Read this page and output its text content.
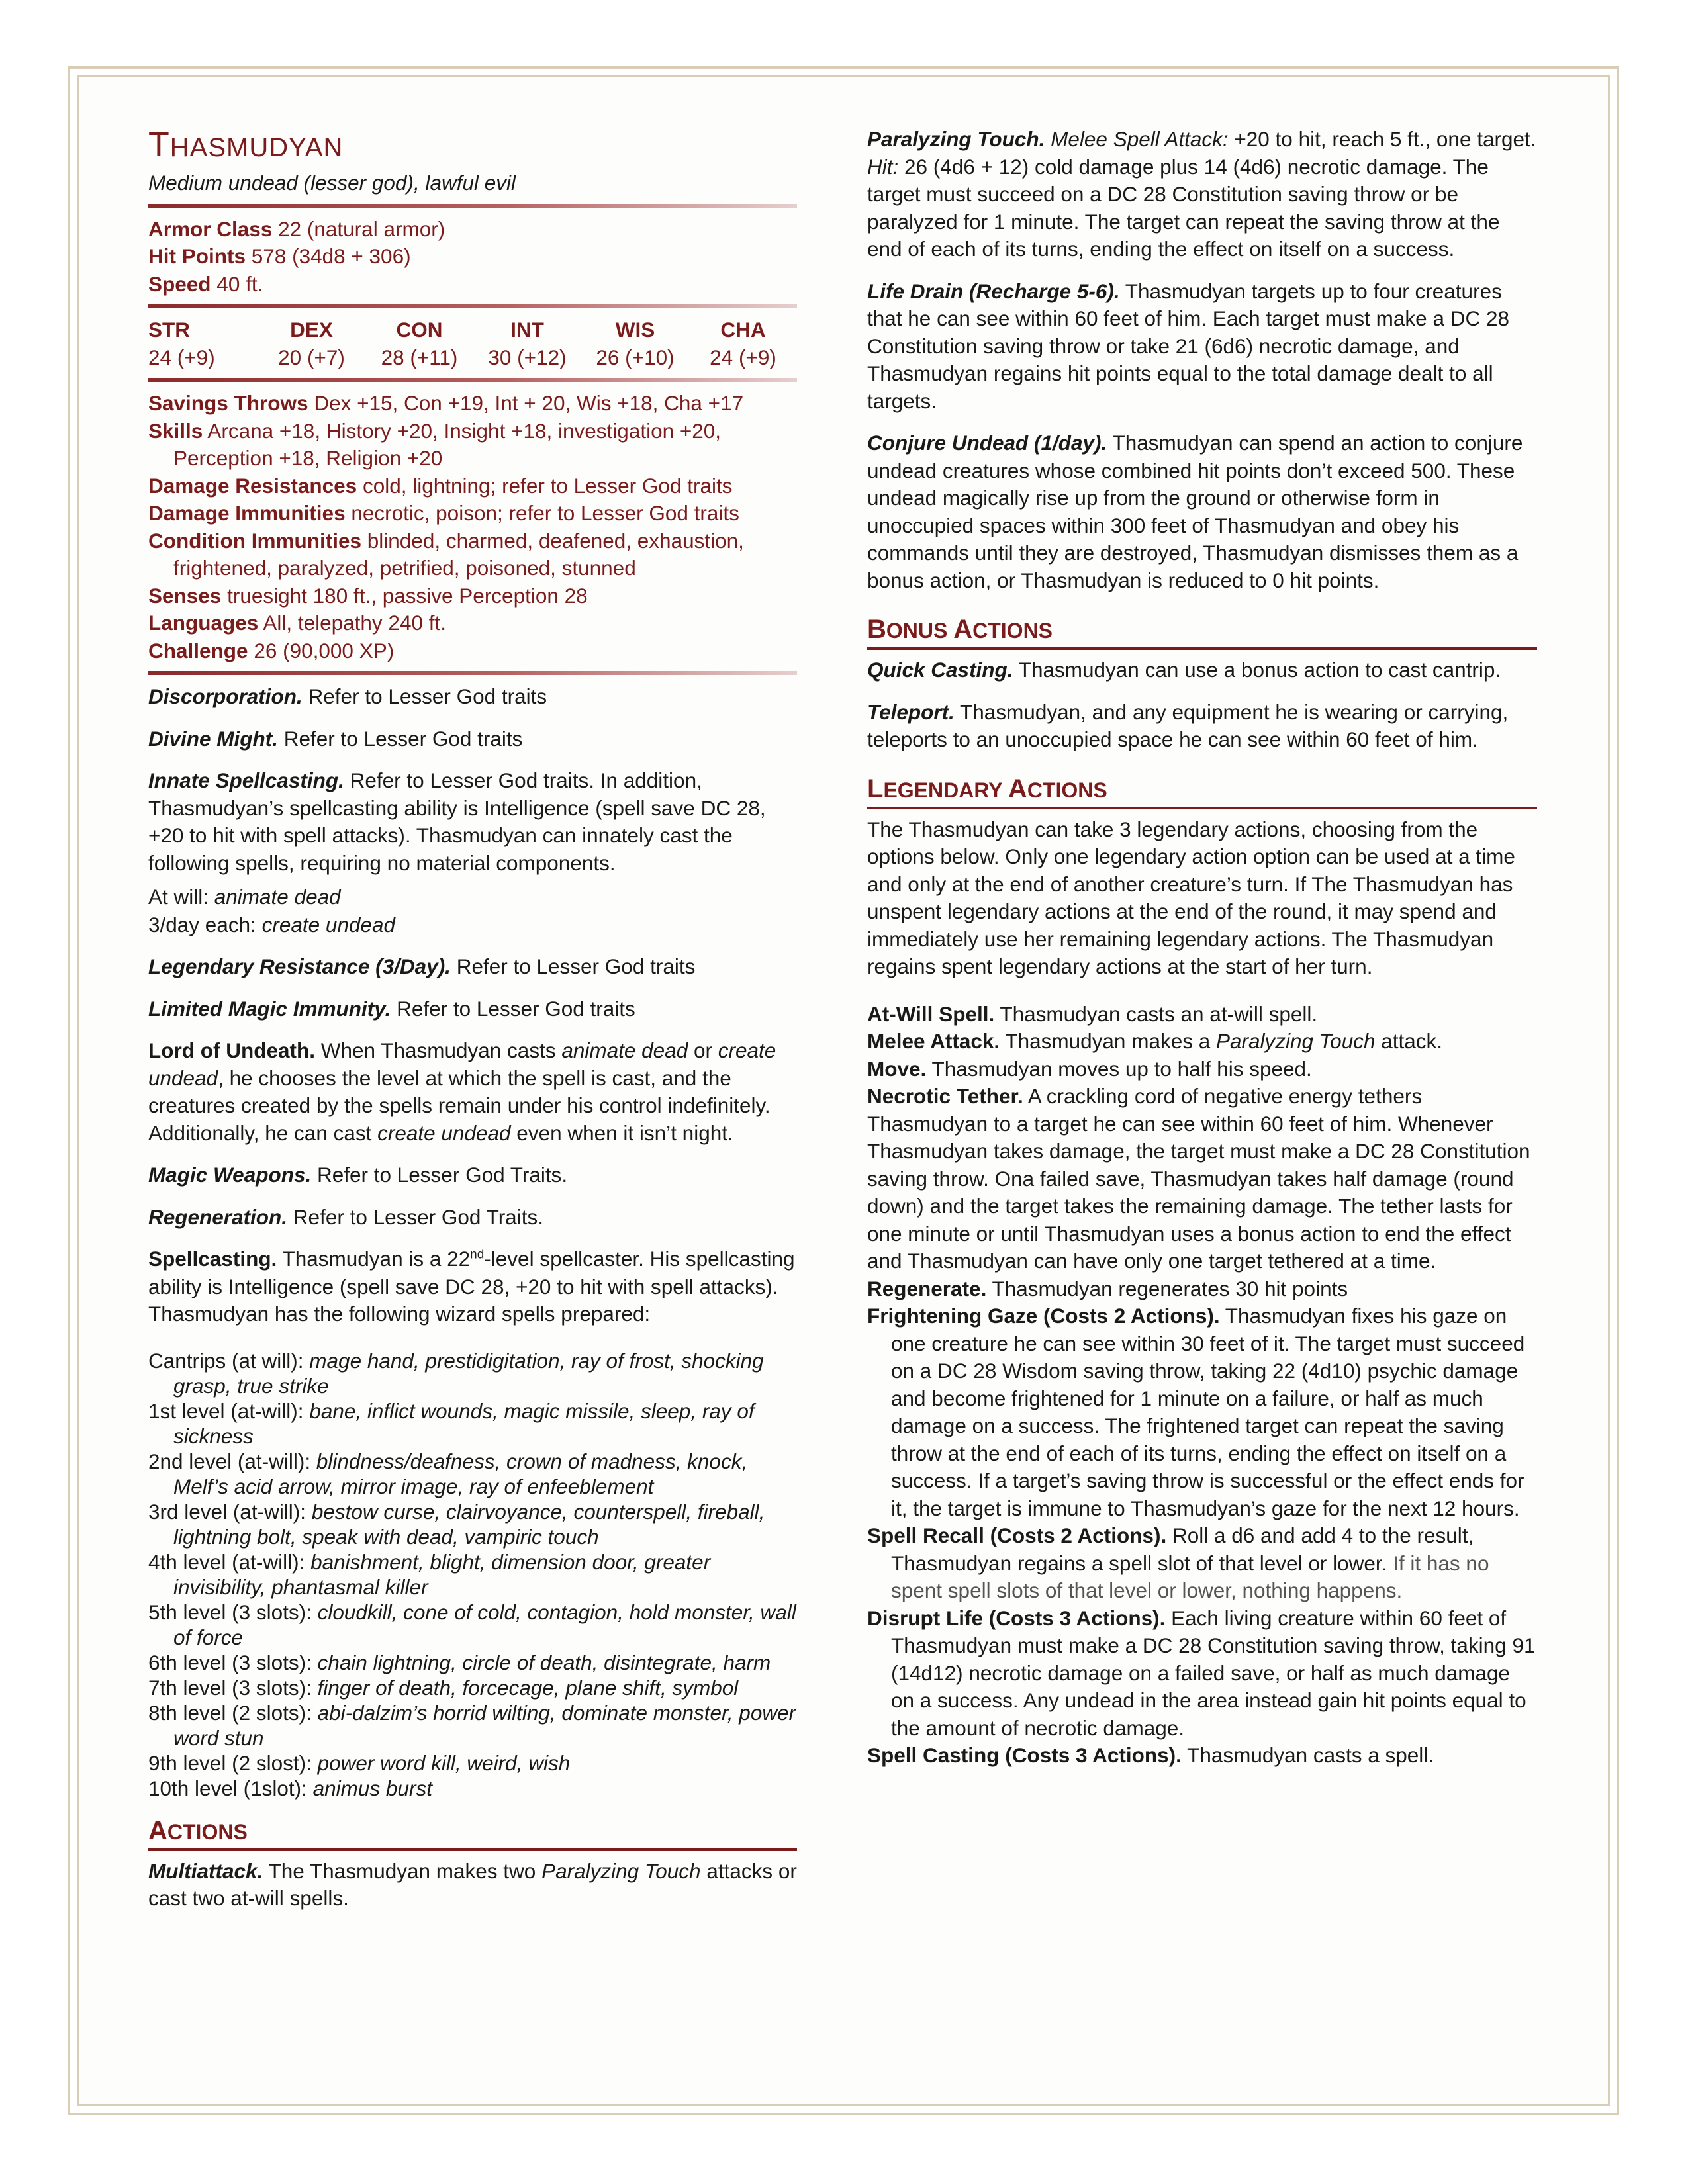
THASMUDYAN

Medium undead (lesser god), lawful evil

Armor Class 22 (natural armor)

Hit Points 578 (34d8 + 306)

Speed 40 ft.

STR	DEX	CON	INT	WIS	CHA
24 (+9)	20 (+7)	28 (+11)	30 (+12)	26 (+10)	24 (+9)

Savings Throws Dex +15, Con +19, Int + 20, Wis +18, Cha +17

Skills Arcana +18, History +20, Insight +18, investigation +20, Perception +18, Religion +20

Damage Resistances cold, lightning; refer to Lesser God traits

Damage Immunities necrotic, poison; refer to Lesser God traits

Condition Immunities blinded, charmed, deafened, exhaustion, frightened, paralyzed, petrified, poisoned, stunned

Senses truesight 180 ft., passive Perception 28

Languages All, telepathy 240 ft.

Challenge 26 (90,000 XP)

Discorporation. Refer to Lesser God traits

Divine Might. Refer to Lesser God traits

Innate Spellcasting. Refer to Lesser God traits. In addition, Thasmudyan’s spellcasting ability is Intelligence (spell save DC 28, +20 to hit with spell attacks). Thasmudyan can innately cast the following spells, requiring no material components.

At will: animate dead

3/day each: create undead

Legendary Resistance (3/Day). Refer to Lesser God traits

Limited Magic Immunity. Refer to Lesser God traits

Lord of Undeath. When Thasmudyan casts animate dead or create undead, he chooses the level at which the spell is cast, and the creatures created by the spells remain under his control indefinitely. Additionally, he can cast create undead even when it isn’t night.

Magic Weapons. Refer to Lesser God Traits.

Regeneration. Refer to Lesser God Traits.

Spellcasting. Thasmudyan is a 22nd-level spellcaster. His spellcasting ability is Intelligence (spell save DC 28, +20 to hit with spell attacks). Thasmudyan has the following wizard spells prepared:

Cantrips (at will): mage hand, prestidigitation, ray of frost, shocking grasp, true strike

1st level (at-will): bane, inflict wounds, magic missile, sleep, ray of sickness

2nd level (at-will): blindness/deafness, crown of madness, knock, Melf’s acid arrow, mirror image, ray of enfeeblement

3rd level (at-will): bestow curse, clairvoyance, counterspell, fireball, lightning bolt, speak with dead, vampiric touch

4th level (at-will): banishment, blight, dimension door, greater invisibility, phantasmal killer

5th level (3 slots): cloudkill, cone of cold, contagion, hold monster, wall of force

6th level (3 slots): chain lightning, circle of death, disintegrate, harm

7th level (3 slots): finger of death, forcecage, plane shift, symbol

8th level (2 slots): abi-dalzim’s horrid wilting, dominate monster, power word stun

9th level (2 slost): power word kill, weird, wish

10th level (1slot): animus burst

ACTIONS

Multiattack. The Thasmudyan makes two Paralyzing Touch attacks or cast two at-will spells.

Paralyzing Touch. Melee Spell Attack: +20 to hit, reach 5 ft., one target. Hit: 26 (4d6 + 12) cold damage plus 14 (4d6) necrotic damage. The target must succeed on a DC 28 Constitution saving throw or be paralyzed for 1 minute. The target can repeat the saving throw at the end of each of its turns, ending the effect on itself on a success.

Life Drain (Recharge 5-6). Thasmudyan targets up to four creatures that he can see within 60 feet of him. Each target must make a DC 28 Constitution saving throw or take 21 (6d6) necrotic damage, and Thasmudyan regains hit points equal to the total damage dealt to all targets.

Conjure Undead (1/day). Thasmudyan can spend an action to conjure undead creatures whose combined hit points don’t exceed 500. These undead magically rise up from the ground or otherwise form in unoccupied spaces within 300 feet of Thasmudyan and obey his commands until they are destroyed, Thasmudyan dismisses them as a bonus action, or Thasmudyan is reduced to 0 hit points.

BONUS ACTIONS

Quick Casting. Thasmudyan can use a bonus action to cast cantrip.

Teleport. Thasmudyan, and any equipment he is wearing or carrying, teleports to an unoccupied space he can see within 60 feet of him.

LEGENDARY ACTIONS

The Thasmudyan can take 3 legendary actions, choosing from the options below. Only one legendary action option can be used at a time and only at the end of another creature’s turn. If The Thasmudyan has unspent legendary actions at the end of the round, it may spend and immediately use her remaining legendary actions. The Thasmudyan regains spent legendary actions at the start of her turn.

At-Will Spell. Thasmudyan casts an at-will spell.

Melee Attack. Thasmudyan makes a Paralyzing Touch attack.

Move. Thasmudyan moves up to half his speed.

Necrotic Tether. A crackling cord of negative energy tethers Thasmudyan to a target he can see within 60 feet of him. Whenever Thasmudyan takes damage, the target must make a DC 28 Constitution saving throw. Ona failed save, Thasmudyan takes half damage (round down) and the target takes the remaining damage. The tether lasts for one minute or until Thasmudyan uses a bonus action to end the effect and Thasmudyan can have only one target tethered at a time.

Regenerate. Thasmudyan regenerates 30 hit points

Frightening Gaze (Costs 2 Actions). Thasmudyan fixes his gaze on one creature he can see within 30 feet of it. The target must succeed on a DC 28 Wisdom saving throw, taking 22 (4d10) psychic damage and become frightened for 1 minute on a failure, or half as much damage on a success. The frightened target can repeat the saving throw at the end of each of its turns, ending the effect on itself on a success. If a target’s saving throw is successful or the effect ends for it, the target is immune to Thasmudyan’s gaze for the next 12 hours.

Spell Recall (Costs 2 Actions). Roll a d6 and add 4 to the result, Thasmudyan regains a spell slot of that level or lower. If it has no spent spell slots of that level or lower, nothing happens.

Disrupt Life (Costs 3 Actions). Each living creature within 60 feet of Thasmudyan must make a DC 28 Constitution saving throw, taking 91 (14d12) necrotic damage on a failed save, or half as much damage on a success. Any undead in the area instead gain hit points equal to the amount of necrotic damage.

Spell Casting (Costs 3 Actions). Thasmudyan casts a spell.
